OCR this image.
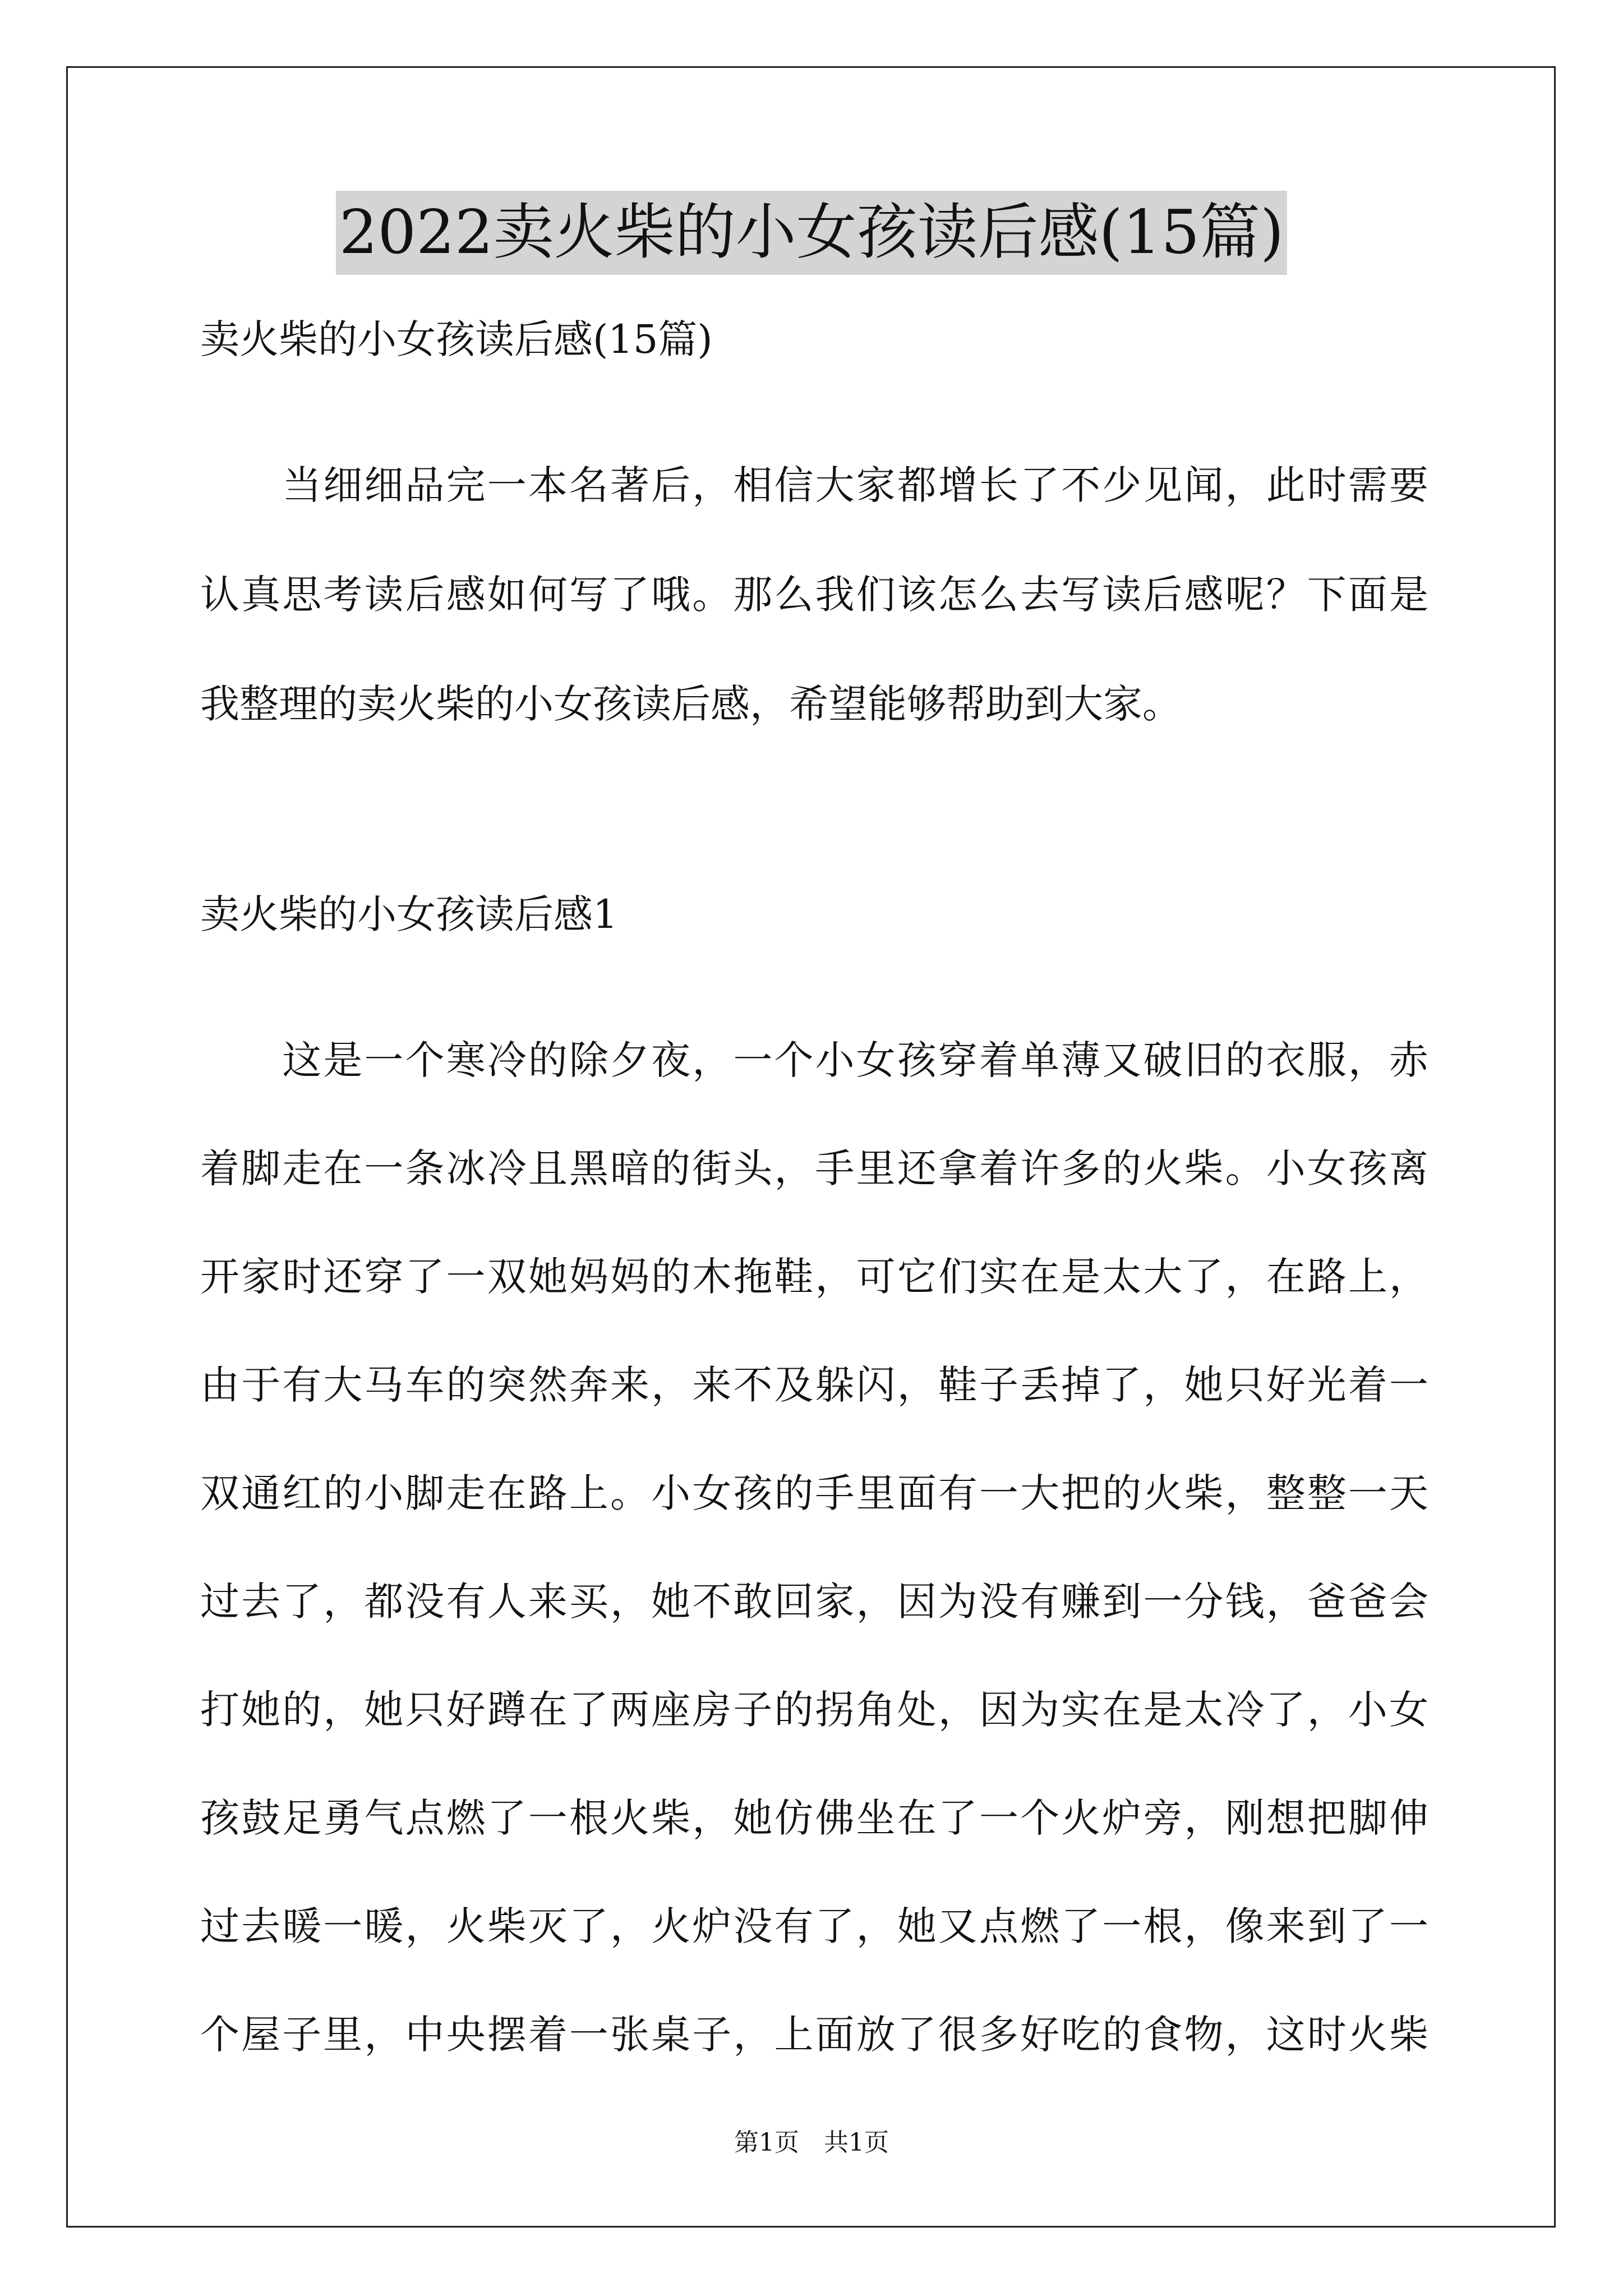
2022卖火柴的小女孩读后感(15篇)
卖火柴的小女孩读后感(15篇)
　　当细细品完一本名著后，相信大家都增长了不少见闻，此时需要
认真思考读后感如何写了哦。那么我们该怎么去写读后感呢？下面是
我整理的卖火柴的小女孩读后感，希望能够帮助到大家。
卖火柴的小女孩读后感1
　　这是一个寒冷的除夕夜，一个小女孩穿着单薄又破旧的衣服，赤
着脚走在一条冰冷且黑暗的街头，手里还拿着许多的火柴。小女孩离
开家时还穿了一双她妈妈的木拖鞋，可它们实在是太大了，在路上，
由于有大马车的突然奔来，来不及躲闪，鞋子丢掉了，她只好光着一
双通红的小脚走在路上。小女孩的手里面有一大把的火柴，整整一天
过去了，都没有人来买，她不敢回家，因为没有赚到一分钱，爸爸会
打她的，她只好蹲在了两座房子的拐角处，因为实在是太冷了，小女
孩鼓足勇气点燃了一根火柴，她仿佛坐在了一个火炉旁，刚想把脚伸
过去暖一暖，火柴灭了，火炉没有了，她又点燃了一根，像来到了一
个屋子里，中央摆着一张桌子，上面放了很多好吃的食物，这时火柴
第1页　共1页
